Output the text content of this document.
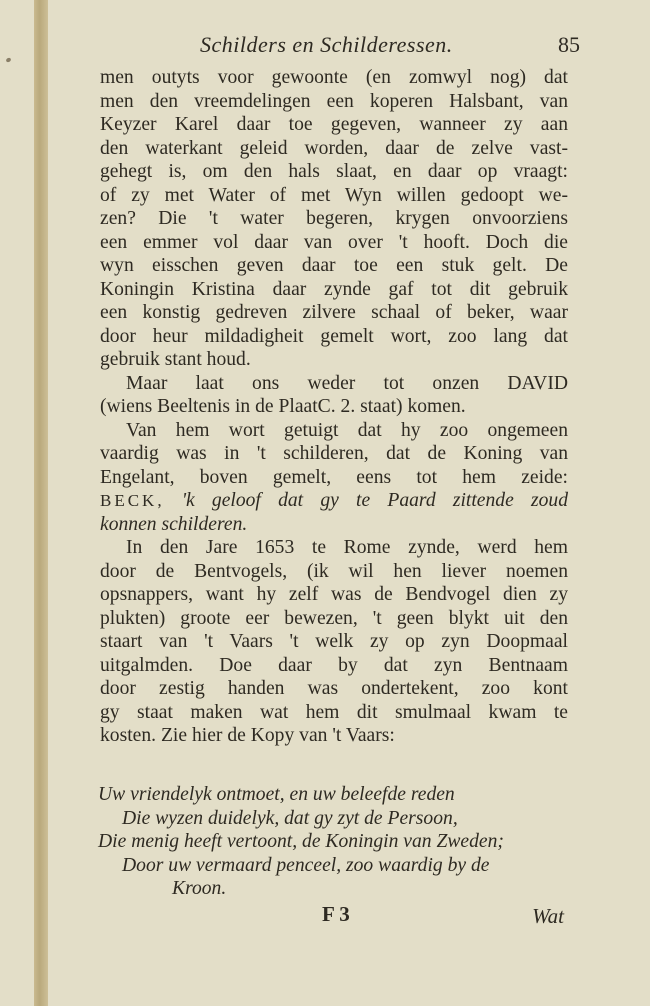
Schilders en Schilderessen.	85
men outyts voor gewoonte (en zomwyl nog) dat
men den vreemdelingen een koperen Halsbant, van
Keyzer Karel daar toe gegeven, wanneer zy aan
den waterkant geleid worden, daar de zelve vast-
gehegt is, om den hals slaat, en daar op vraagt:
of zy met Water of met Wyn willen gedoopt we-
zen? Die 't water begeren, krygen onvoorziens
een emmer vol daar van over 't hooft. Doch die
wyn eisschen geven daar toe een stuk gelt. De
Koningin Kristina daar zynde gaf tot dit gebruik
een konstig gedreven zilvere schaal of beker, waar
door heur mildadigheit gemelt wort, zoo lang dat
gebruik stant houd.
Maar laat ons weder tot onzen DAVID
(wiens Beeltenis in de PlaatC. 2. staat) komen.
Van hem wort getuigt dat hy zoo ongemeen
vaardig was in 't schilderen, dat de Koning van
Engelant, boven gemelt, eens tot hem zeide:
BECK, 'k geloof dat gy te Paard zittende zoud
konnen schilderen.
In den Jare 1653 te Rome zynde, werd hem
door de Bentvogels, (ik wil hen liever noemen
opsnappers, want hy zelf was de Bendvogel dien zy
plukten) groote eer bewezen, 't geen blykt uit den
staart van 't Vaars 't welk zy op zyn Doopmaal
uitgalmden. Doe daar by dat zyn Bentnaam
door zestig handen was ondertekent, zoo kont
gy staat maken wat hem dit smulmaal kwam te
kosten. Zie hier de Kopy van 't Vaars:
Uw vriendelyk ontmoet, en uw beleefde reden
Die wyzen duidelyk, dat gy zyt de Persoon,
Die menig heeft vertoont, de Koningin van Zweden;
Door uw vermaard penceel, zoo waardig by de
Kroon.
F 3	Wat
